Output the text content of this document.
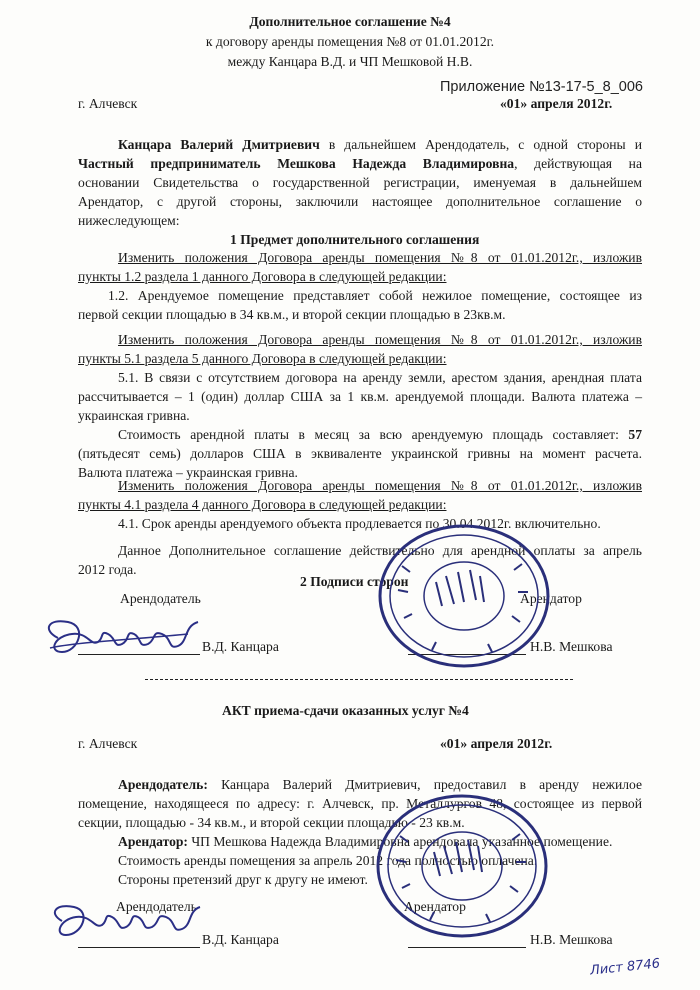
Дополнительное соглашение №4
к договору аренды помещения №8 от 01.01.2012г.
между Канцара В.Д. и ЧП Мешковой Н.В.
Приложение №13-17-5_8_006
г. Алчевск	«01» апреля 2012г.
Канцара Валерий Дмитриевич в дальнейшем Арендодатель, с одной стороны и
Частный предприниматель Мешкова Надежда Владимировна, действующая на
основании Свидетельства о государственной регистрации, именуемая в дальнейшем
Арендатор, с другой стороны, заключили настоящее дополнительное соглашение о
нижеследующем:
1 Предмет дополнительного соглашения
Изменить положения Договора аренды помещения №8 от 01.01.2012г., изложив
пункты 1.2 раздела 1 данного Договора в следующей редакции:
1.2. Арендуемое помещение представляет собой нежилое помещение, состоящее из
первой секции площадью в 34 кв.м., и второй секции площадью в 23кв.м.
Изменить положения Договора аренды помещения №8 от 01.01.2012г., изложив
пункты 5.1 раздела 5 данного Договора в следующей редакции:
5.1. В связи с отсутствием договора на аренду земли, арестом здания, арендная плата
рассчитывается – 1 (один) доллар США за 1 кв.м. арендуемой площади. Валюта платежа –
украинская гривна.
Стоимость арендной платы в месяц за всю арендуемую площадь составляет: 57
(пятьдесят семь) долларов США в эквиваленте украинской гривны на момент расчета.
Валюта платежа – украинская гривна.
Изменить положения Договора аренды помещения №8 от 01.01.2012г., изложив
пункты 4.1 раздела 4 данного Договора в следующей редакции:
4.1. Срок аренды арендуемого объекта продлевается по 30.04.2012г. включительно.
Данное Дополнительное соглашение действительно для арендной оплаты за апрель
2012 года.
2 Подписи сторон
Арендодатель	Арендатор
В.Д. Канцара	Н.В. Мешкова
АКТ приема-сдачи оказанных услуг №4
г. Алчевск	«01» апреля 2012г.
Арендодатель: Канцара Валерий Дмитриевич, предоставил в аренду нежилое
помещение, находящееся по адресу: г. Алчевск, пр. Металлургов 48, состоящее из первой
секции, площадью - 34 кв.м., и второй секции площадью - 23 кв.м.
Арендатор: ЧП Мешкова Надежда Владимировна арендовала указанное помещение.
Стоимость аренды помещения за апрель 2012 года полностью оплачена.
Стороны претензий друг к другу не имеют.
Арендодатель	Арендатор
В.Д. Канцара	Н.В. Мешкова
Лист 8746
